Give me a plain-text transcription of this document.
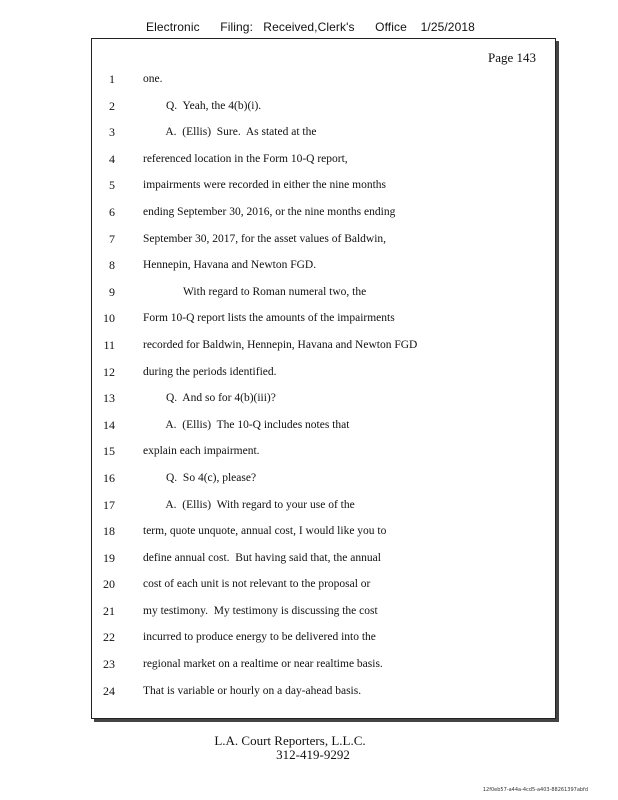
Electronic      Filing:   Received,Clerk's      Office    1/25/2018
Page 143
1 one.
2 Q.  Yeah, the 4(b)(i).
3 A.  (Ellis)  Sure.  As stated at the
4 referenced location in the Form 10-Q report,
5 impairments were recorded in either the nine months
6 ending September 30, 2016, or the nine months ending
7 September 30, 2017, for the asset values of Baldwin,
8 Hennepin, Havana and Newton FGD.
9 With regard to Roman numeral two, the
10 Form 10-Q report lists the amounts of the impairments
11 recorded for Baldwin, Hennepin, Havana and Newton FGD
12 during the periods identified.
13 Q.  And so for 4(b)(iii)?
14 A.  (Ellis)  The 10-Q includes notes that
15 explain each impairment.
16 Q.  So 4(c), please?
17 A.  (Ellis)  With regard to your use of the
18 term, quote unquote, annual cost, I would like you to
19 define annual cost.  But having said that, the annual
20 cost of each unit is not relevant to the proposal or
21 my testimony.  My testimony is discussing the cost
22 incurred to produce energy to be delivered into the
23 regional market on a realtime or near realtime basis.
24 That is variable or hourly on a day-ahead basis.
L.A. Court Reporters, L.L.C.
312-419-9292
12f0eb57-a44a-4cd5-a403-88261397abfd
